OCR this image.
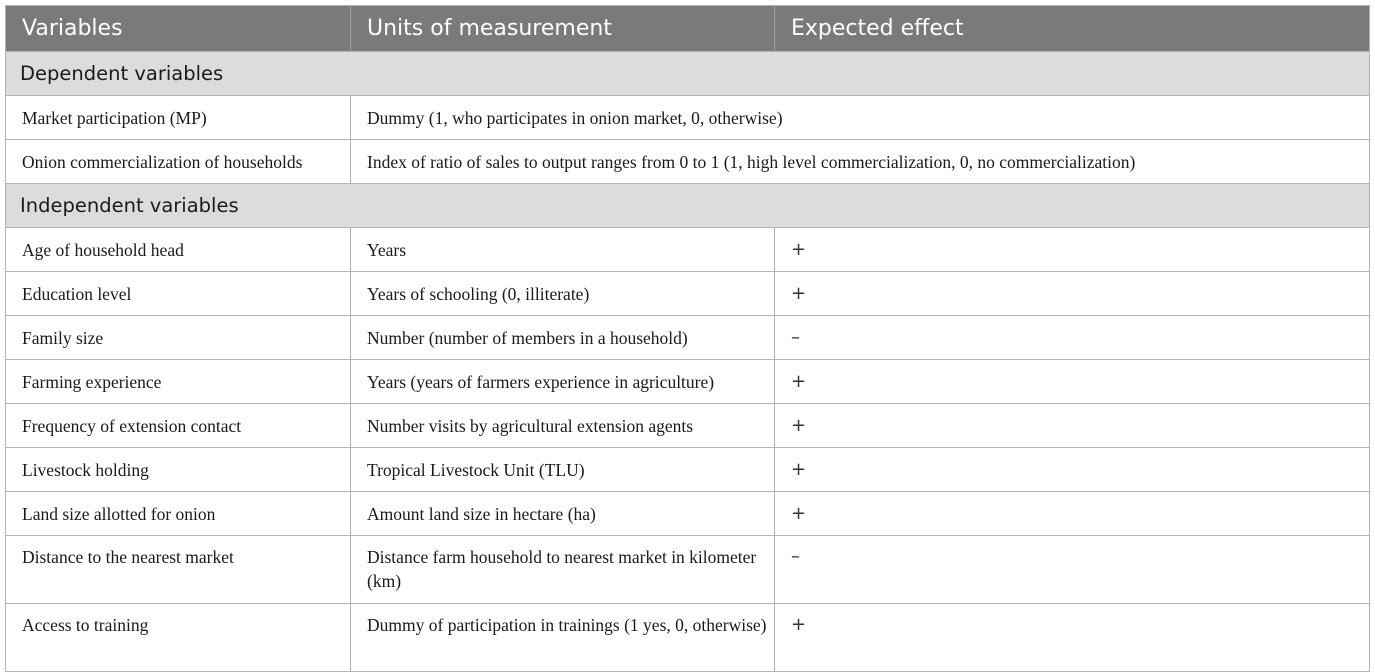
Variables	Units of measurement	Expected effect
Dependent variables		

Market participation (MP)	Dummy (1, who participates in onion market, 0, otherwise)	

Onion commercialization of households	Index of ratio of sales to output ranges from 0 to 1 (1, high level commercialization, 0, no commercialization)	

Independent variables		

Age of household head	Years	+

Education level	Years of schooling (0, illiterate)	+

Family size	Number (number of members in a household)	–

Farming experience	Years (years of farmers experience in agriculture)	+

Frequency of extension contact	Number visits by agricultural extension agents	+

Livestock holding	Tropical Livestock Unit (TLU)	+

Land size allotted for onion	Amount land size in hectare (ha)	+

Distance to the nearest market	Distance farm household to nearest market in kilometer (km)	–

Access to training	Dummy of participation in trainings (1 yes, 0, otherwise)	+
